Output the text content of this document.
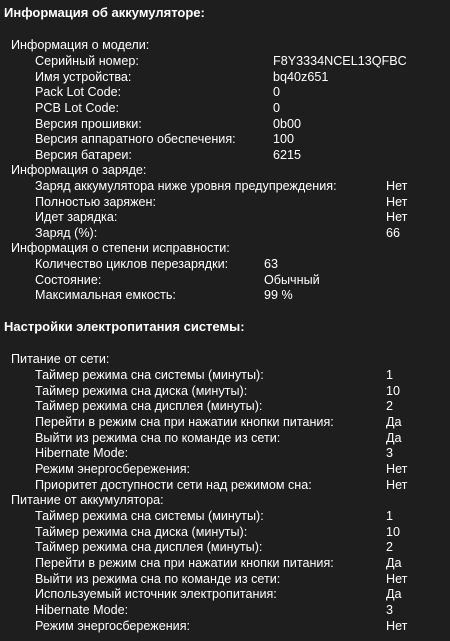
Информация об аккумуляторе:
Информация о модели:
Серийный номер:	F8Y3334NCEL13QFBC
Имя устройства:	bq40z651
Pack Lot Code:	0
PCB Lot Code:	0
Версия прошивки:	0b00
Версия аппаратного обеспечения:	100
Версия батареи:	6215
Информация о заряде:
Заряд аккумулятора ниже уровня предупреждения:	Нет
Полностью заряжен:	Нет
Идет зарядка:	Нет
Заряд (%):	66
Информация о степени исправности:
Количество циклов перезарядки:	63
Состояние:	Обычный
Максимальная емкость:	99 %
Настройки электропитания системы:
Питание от сети:
Таймер режима сна системы (минуты):	1
Таймер режима сна диска (минуты):	10
Таймер режима сна дисплея (минуты):	2
Перейти в режим сна при нажатии кнопки питания:	Да
Выйти из режима сна по команде из сети:	Да
Hibernate Mode:	3
Режим энергосбережения:	Нет
Приоритет доступности сети над режимом сна:	Нет
Питание от аккумулятора:
Таймер режима сна системы (минуты):	1
Таймер режима сна диска (минуты):	10
Таймер режима сна дисплея (минуты):	2
Перейти в режим сна при нажатии кнопки питания:	Да
Выйти из режима сна по команде из сети:	Нет
Используемый источник электропитания:	Да
Hibernate Mode:	3
Режим энергосбережения:	Нет
